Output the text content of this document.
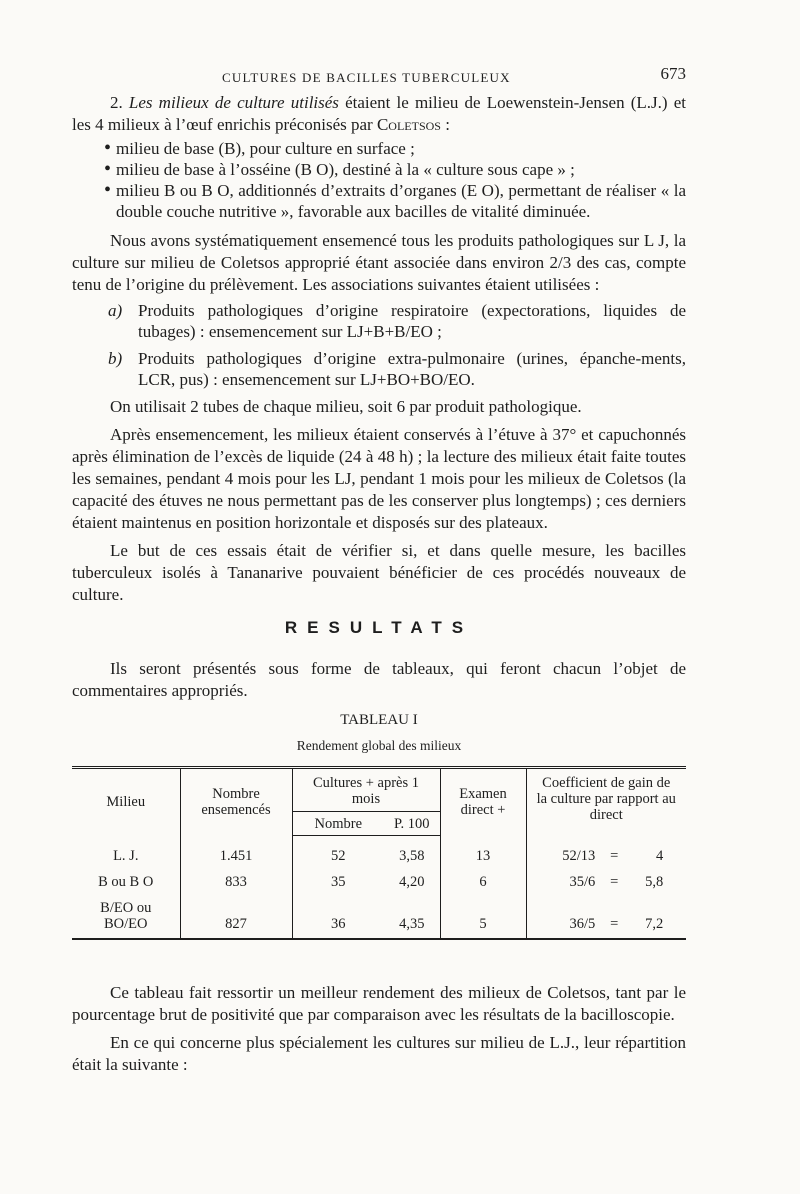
CULTURES DE BACILLES TUBERCULEUX	673

2. Les milieux de culture utilisés étaient le milieu de Loewenstein-Jensen (L.J.) et les 4 milieux à l’œuf enrichis préconisés par Coletsos :

• milieu de base (B), pour culture en surface ;
• milieu de base à l’osséine (B O), destiné à la « culture sous cape » ;
• milieu B ou B O, additionnés d’extraits d’organes (E O), permettant de réaliser « la double couche nutritive », favorable aux bacilles de vitalité diminuée.

Nous avons systématiquement ensemencé tous les produits pathologiques sur L J, la culture sur milieu de Coletsos approprié étant associée dans environ 2/3 des cas, compte tenu de l’origine du prélèvement. Les associations suivantes étaient utilisées :

a) Produits pathologiques d’origine respiratoire (expectorations, liquides de tubages) : ensemencement sur LJ+B+B/EO ;
b) Produits pathologiques d’origine extra-pulmonaire (urines, épanche-ments, LCR, pus) : ensemencement sur LJ+BO+BO/EO.

On utilisait 2 tubes de chaque milieu, soit 6 par produit pathologique.

Après ensemencement, les milieux étaient conservés à l’étuve à 37° et capuchonnés après élimination de l’excès de liquide (24 à 48 h) ; la lecture des milieux était faite toutes les semaines, pendant 4 mois pour les LJ, pendant 1 mois pour les milieux de Coletsos (la capacité des étuves ne nous permettant pas de les conserver plus longtemps) ; ces derniers étaient maintenus en position horizontale et disposés sur des plateaux.

Le but de ces essais était de vérifier si, et dans quelle mesure, les bacilles tuberculeux isolés à Tananarive pouvaient bénéficier de ces procédés nouveaux de culture.

RESULTATS

Ils seront présentés sous forme de tableaux, qui feront chacun l’objet de commentaires appropriés.

TABLEAU I
Rendement global des milieux
Milieu	Nombre ensemencés	Cultures + après 1 mois		Examen direct +	Coefficient de gain de la culture par rapport au direct
		Nombre	P. 100		
L. J.	1.451	52	3,58	13	52/13 = 4
B ou B O	833	35	4,20	6	35/6 = 5,8
B/EO ou BO/EO	827	36	4,35	5	36/5 = 7,2

Ce tableau fait ressortir un meilleur rendement des milieux de Coletsos, tant par le pourcentage brut de positivité que par comparaison avec les résultats de la bacilloscopie.

En ce qui concerne plus spécialement les cultures sur milieu de L.J., leur répartition était la suivante :
